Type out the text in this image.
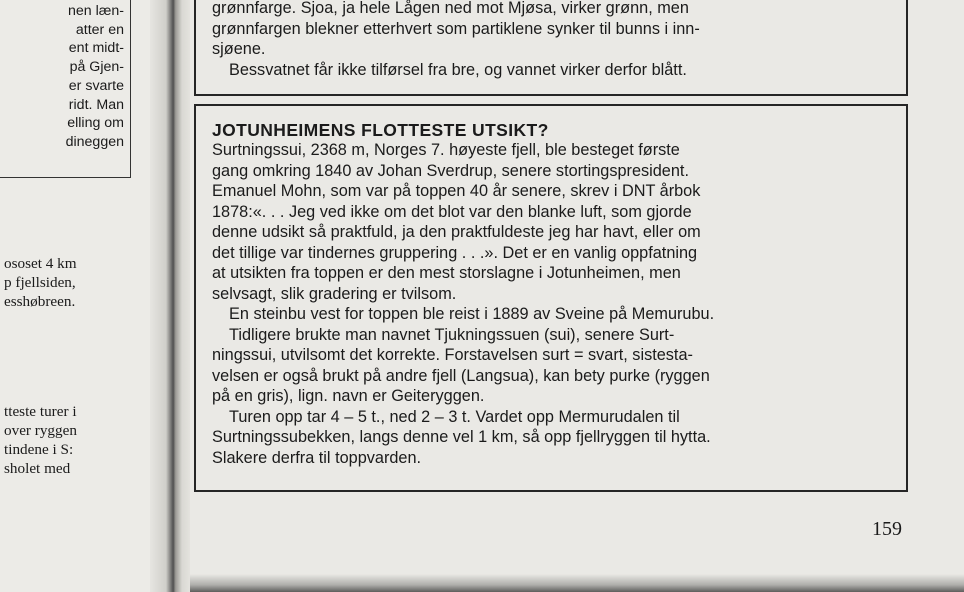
nen læn-
atter en
ent midt-
på Gjen-
er svarte
ridt. Man
elling om
dineggen
ososet 4 km
p fjellsiden,
esshøbreen.
tteste turer i
over ryggen
tindene i S:
sholet med
grønnfarge. Sjoa, ja hele Lågen ned mot Mjøsa, virker grønn, men
grønnfargen blekner etterhvert som partiklene synker til bunns i inn-
sjøene.
Bessvatnet får ikke tilførsel fra bre, og vannet virker derfor blått.
JOTUNHEIMENS FLOTTESTE UTSIKT?
Surtningssui, 2368 m, Norges 7. høyeste fjell, ble besteget første
gang omkring 1840 av Johan Sverdrup, senere stortingspresident.
Emanuel Mohn, som var på toppen 40 år senere, skrev i DNT årbok
1878:«. . . Jeg ved ikke om det blot var den blanke luft, som gjorde
denne udsikt så praktfuld, ja den praktfuldeste jeg har havt, eller om
det tillige var tindernes gruppering . . .». Det er en vanlig oppfatning
at utsikten fra toppen er den mest storslagne i Jotunheimen, men
selvsagt, slik gradering er tvilsom.
En steinbu vest for toppen ble reist i 1889 av Sveine på Memurubu.
Tidligere brukte man navnet Tjukningssuen (sui), senere Surt-
ningssui, utvilsomt det korrekte. Forstavelsen surt = svart, sistesta-
velsen er også brukt på andre fjell (Langsua), kan bety purke (ryggen
på en gris), lign. navn er Geiteryggen.
Turen opp tar 4 – 5 t., ned 2 – 3 t. Vardet opp Mermurudalen til
Surtningssubekken, langs denne vel 1 km, så opp fjellryggen til hytta.
Slakere derfra til toppvarden.
159
